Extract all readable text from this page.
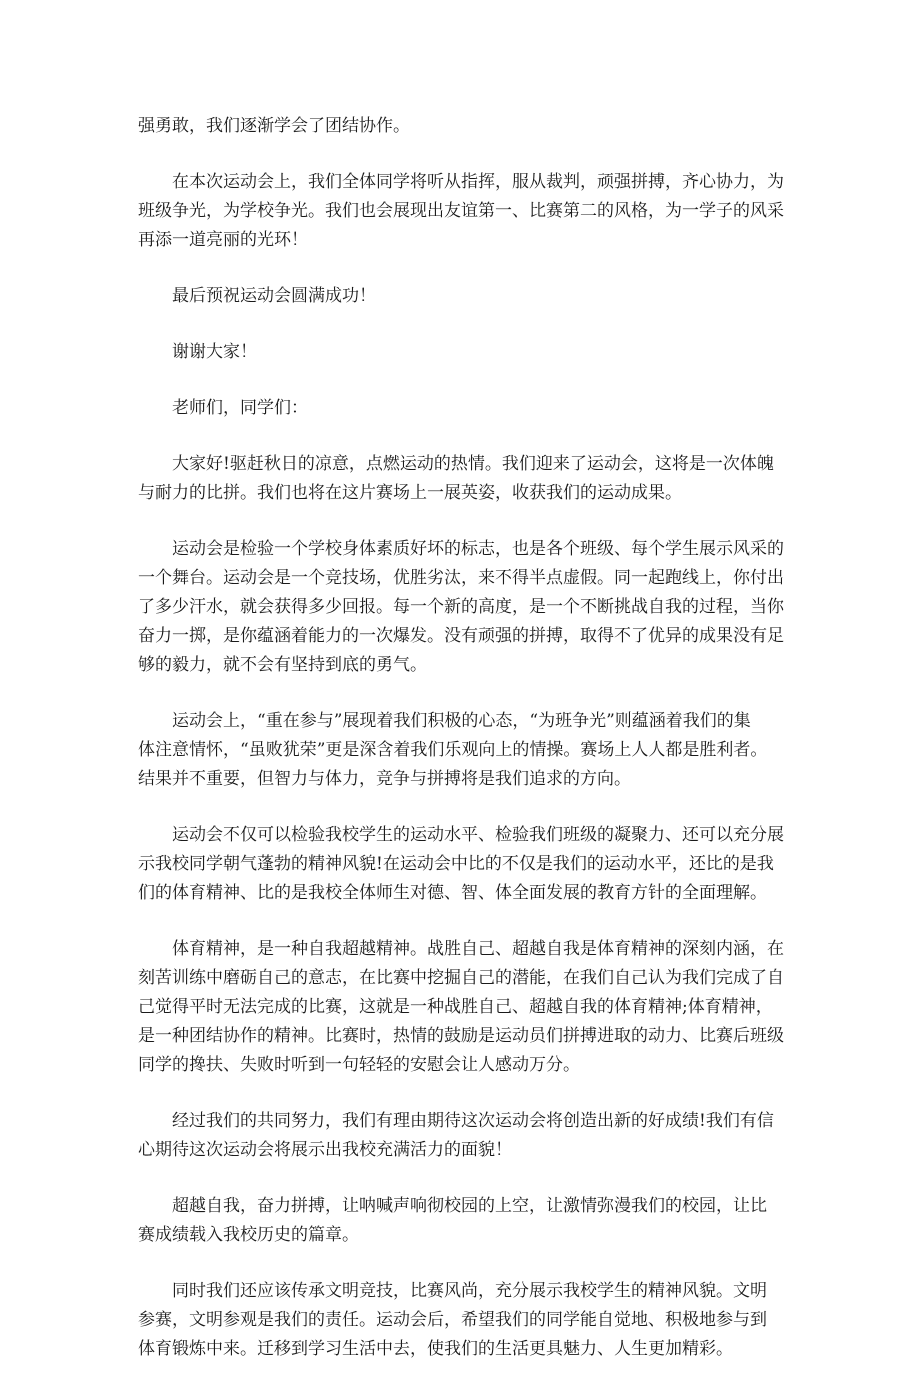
强勇敢，我们逐渐学会了团结协作。

在本次运动会上，我们全体同学将听从指挥，服从裁判，顽强拼搏，齐心协力，为
班级争光，为学校争光。我们也会展现出友谊第一、比赛第二的风格，为一学子的风采
再添一道亮丽的光环！

最后预祝运动会圆满成功！

谢谢大家！

老师们，同学们：

大家好!驱赶秋日的凉意，点燃运动的热情。我们迎来了运动会，这将是一次体魄
与耐力的比拼。我们也将在这片赛场上一展英姿，收获我们的运动成果。

运动会是检验一个学校身体素质好坏的标志，也是各个班级、每个学生展示风采的
一个舞台。运动会是一个竞技场，优胜劣汰，来不得半点虚假。同一起跑线上，你付出
了多少汗水，就会获得多少回报。每一个新的高度，是一个不断挑战自我的过程，当你
奋力一掷，是你蕴涵着能力的一次爆发。没有顽强的拼搏，取得不了优异的成果没有足
够的毅力，就不会有坚持到底的勇气。

运动会上，“重在参与”展现着我们积极的心态，“为班争光”则蕴涵着我们的集
体注意情怀，“虽败犹荣”更是深含着我们乐观向上的情操。赛场上人人都是胜利者。
结果并不重要，但智力与体力，竞争与拼搏将是我们追求的方向。

运动会不仅可以检验我校学生的运动水平、检验我们班级的凝聚力、还可以充分展
示我校同学朝气蓬勃的精神风貌!在运动会中比的不仅是我们的运动水平，还比的是我
们的体育精神、比的是我校全体师生对德、智、体全面发展的教育方针的全面理解。

体育精神，是一种自我超越精神。战胜自己、超越自我是体育精神的深刻内涵，在
刻苦训练中磨砺自己的意志，在比赛中挖掘自己的潜能，在我们自己认为我们完成了自
己觉得平时无法完成的比赛，这就是一种战胜自己、超越自我的体育精神;体育精神，
是一种团结协作的精神。比赛时，热情的鼓励是运动员们拼搏进取的动力、比赛后班级
同学的搀扶、失败时听到一句轻轻的安慰会让人感动万分。

经过我们的共同努力，我们有理由期待这次运动会将创造出新的好成绩!我们有信
心期待这次运动会将展示出我校充满活力的面貌！

超越自我，奋力拼搏，让呐喊声响彻校园的上空，让激情弥漫我们的校园，让比
赛成绩载入我校历史的篇章。

同时我们还应该传承文明竞技，比赛风尚，充分展示我校学生的精神风貌。文明
参赛，文明参观是我们的责任。运动会后，希望我们的同学能自觉地、积极地参与到
体育锻炼中来。迁移到学习生活中去，使我们的生活更具魅力、人生更加精彩。
